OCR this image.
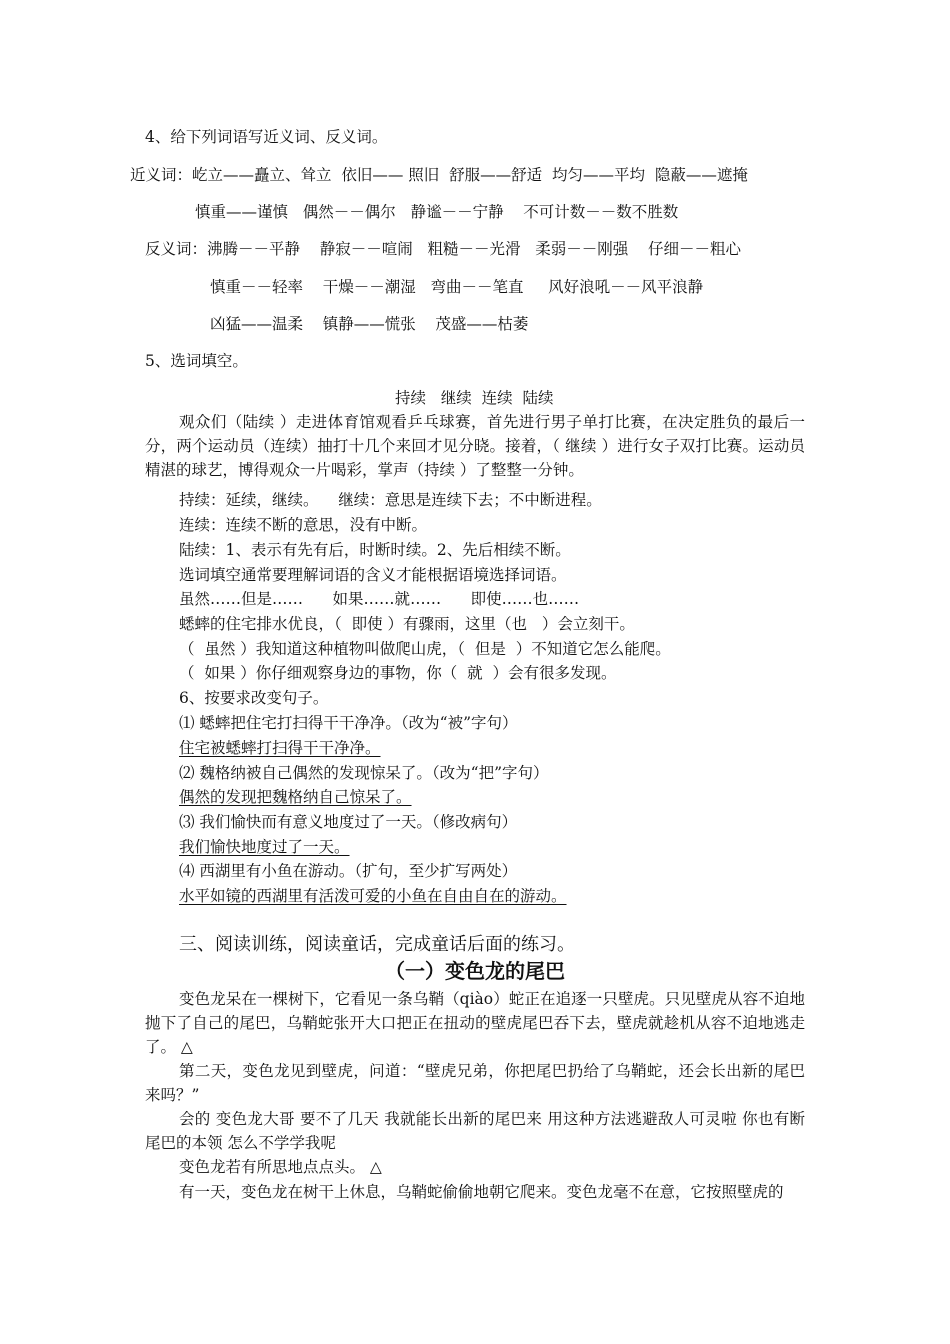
4、给下列词语写近义词、反义词。

近义词：屹立——矗立、耸立  依旧—— 照旧  舒服——舒适  均匀——平均  隐蔽——遮掩

慎重——谨慎   偶然－－偶尔   静谧－－宁静    不可计数－－数不胜数

反义词：沸腾－－平静    静寂－－喧闹   粗糙－－光滑   柔弱－－刚强    仔细－－粗心

慎重－－轻率    干燥－－潮湿   弯曲－－笔直     风好浪吼－－风平浪静

凶猛——温柔    镇静——慌张    茂盛——枯萎

5、选词填空。

持续   继续  连续  陆续

观众们（陆续 ）走进体育馆观看乒乓球赛，首先进行男子单打比赛，在决定胜负的最后一分，两个运动员（连续）抽打十几个来回才见分晓。接着，（ 继续 ）进行女子双打比赛。运动员精湛的球艺，博得观众一片喝彩，掌声（持续 ）了整整一分钟。

持续：延续，继续。    继续：意思是连续下去；不中断进程。

连续：连续不断的意思，没有中断。

陆续：1、表示有先有后，时断时续。2、先后相续不断。

选词填空通常要理解词语的含义才能根据语境选择词语。

虽然……但是……      如果……就……      即使……也……

蟋蟀的住宅排水优良，（  即使 ）有骤雨，这里（也   ）会立刻干。

（  虽然 ）我知道这种植物叫做爬山虎，（  但是  ）不知道它怎么能爬。

（  如果 ）你仔细观察身边的事物，你（  就  ）会有很多发现。

6、按要求改变句子。

⑴ 蟋蟀把住宅打扫得干干净净。（改为“被”字句）

住宅被蟋蟀打扫得干干净净。

⑵ 魏格纳被自己偶然的发现惊呆了。（改为“把”字句）

偶然的发现把魏格纳自己惊呆了。

⑶ 我们愉快而有意义地度过了一天。（修改病句）

我们愉快地度过了一天。

⑷ 西湖里有小鱼在游动。（扩句，至少扩写两处）

水平如镜的西湖里有活泼可爱的小鱼在自由自在的游动。

三、阅读训练，阅读童话，完成童话后面的练习。

（一）变色龙的尾巴

变色龙呆在一棵树下，它看见一条乌鞘（qiào）蛇正在追逐一只壁虎。只见壁虎从容不迫地抛下了自己的尾巴，乌鞘蛇张开大口把正在扭动的壁虎尾巴吞下去，壁虎就趁机从容不迫地逃走了。 △

第二天，变色龙见到壁虎，问道：“壁虎兄弟，你把尾巴扔给了乌鞘蛇，还会长出新的尾巴来吗？”

会的 变色龙大哥 要不了几天 我就能长出新的尾巴来 用这种方法逃避敌人可灵啦 你也有断尾巴的本领 怎么不学学我呢

变色龙若有所思地点点头。 △

有一天，变色龙在树干上休息，乌鞘蛇偷偷地朝它爬来。变色龙毫不在意，它按照壁虎的
